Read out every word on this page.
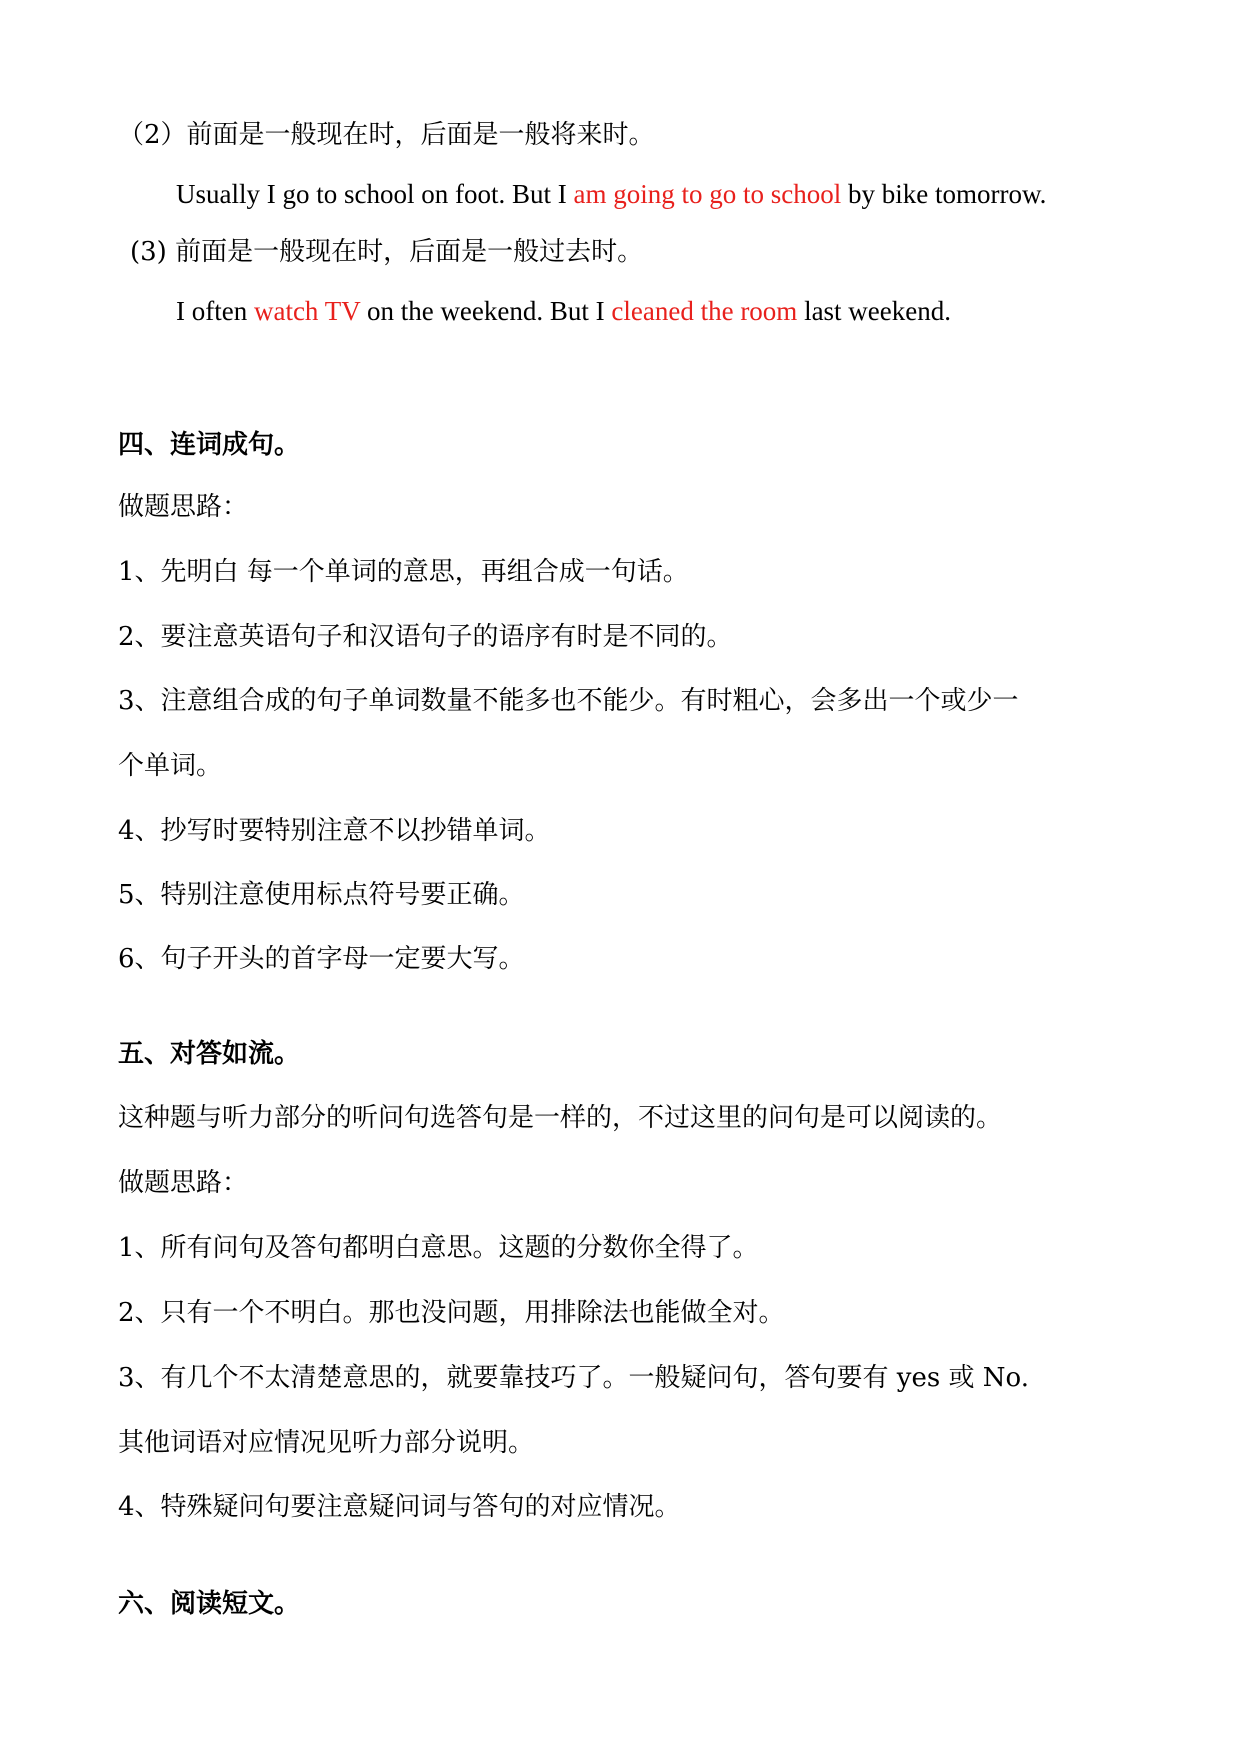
（2）前面是一般现在时，后面是一般将来时。
Usually I go to school on foot. But I am going to go to school by bike tomorrow.
(3) 前面是一般现在时，后面是一般过去时。
I often watch TV on the weekend. But I cleaned the room last weekend.
四、连词成句。
做题思路：
1、先明白 每一个单词的意思，再组合成一句话。
2、要注意英语句子和汉语句子的语序有时是不同的。
3、注意组合成的句子单词数量不能多也不能少。有时粗心，会多出一个或少一
个单词。
4、抄写时要特别注意不以抄错单词。
5、特别注意使用标点符号要正确。
6、句子开头的首字母一定要大写。
五、对答如流。
这种题与听力部分的听问句选答句是一样的，不过这里的问句是可以阅读的。
做题思路：
1、所有问句及答句都明白意思。这题的分数你全得了。
2、只有一个不明白。那也没问题，用排除法也能做全对。
3、有几个不太清楚意思的，就要靠技巧了。一般疑问句，答句要有 yes 或 No.
其他词语对应情况见听力部分说明。
4、特殊疑问句要注意疑问词与答句的对应情况。
六、阅读短文。
